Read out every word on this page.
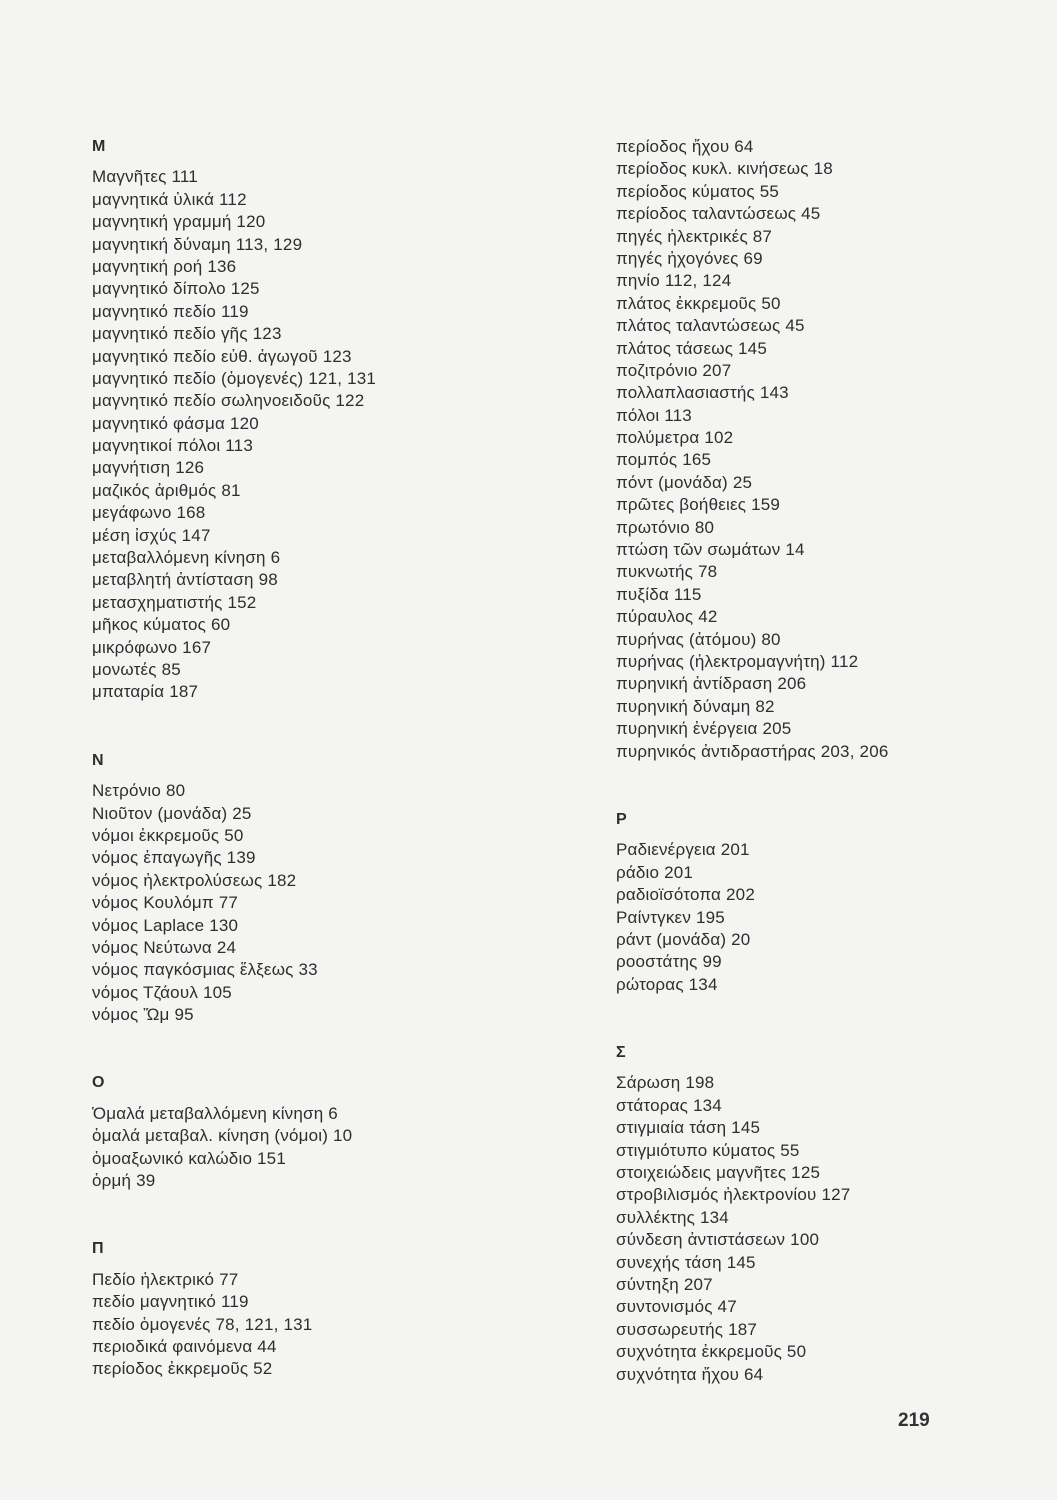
Μ
Μαγνῆτες 111
μαγνητικά ὑλικά 112
μαγνητική γραμμή 120
μαγνητική δύναμη 113, 129
μαγνητική ροή 136
μαγνητικό δίπολο 125
μαγνητικό πεδίο 119
μαγνητικό πεδίο γῆς 123
μαγνητικό πεδίο εὐθ. ἀγωγοῦ 123
μαγνητικό πεδίο (ὁμογενές) 121, 131
μαγνητικό πεδίο σωληνοειδοῦς 122
μαγνητικό φάσμα 120
μαγνητικοί πόλοι 113
μαγνήτιση 126
μαζικός ἀριθμός 81
μεγάφωνο 168
μέση ἰσχύς 147
μεταβαλλόμενη κίνηση 6
μεταβλητή ἀντίσταση 98
μετασχηματιστής 152
μῆκος κύματος 60
μικρόφωνο 167
μονωτές 85
μπαταρία 187
Ν
Νετρόνιο 80
Νιοῦτον (μονάδα) 25
νόμοι ἐκκρεμοῦς 50
νόμος ἐπαγωγῆς 139
νόμος ἠλεκτρολύσεως 182
νόμος Κουλόμπ 77
νόμος Laplace 130
νόμος Νεύτωνα 24
νόμος παγκόσμιας ἕλξεως 33
νόμος Τζάουλ 105
νόμος Ὤμ 95
Ο
Ὁμαλά μεταβαλλόμενη κίνηση 6
ὁμαλά μεταβαλ. κίνηση (νόμοι) 10
ὁμοαξωνικό καλώδιο 151
ὁρμή 39
Π
Πεδίο ἠλεκτρικό 77
πεδίο μαγνητικό 119
πεδίο ὁμογενές 78, 121, 131
περιοδικά φαινόμενα 44
περίοδος ἐκκρεμοῦς 52
περίοδος ἤχου 64
περίοδος κυκλ. κινήσεως 18
περίοδος κύματος 55
περίοδος ταλαντώσεως 45
πηγές ἠλεκτρικές 87
πηγές ἠχογόνες 69
πηνίο 112, 124
πλάτος ἐκκρεμοῦς 50
πλάτος ταλαντώσεως 45
πλάτος τάσεως 145
ποζιτρόνιο 207
πολλαπλασιαστής 143
πόλοι 113
πολύμετρα 102
πομπός 165
πόντ (μονάδα) 25
πρῶτες βοήθειες 159
πρωτόνιο 80
πτώση τῶν σωμάτων 14
πυκνωτής 78
πυξίδα 115
πύραυλος 42
πυρήνας (ἀτόμου) 80
πυρήνας (ἠλεκτρομαγνήτη) 112
πυρηνική ἀντίδραση 206
πυρηνική δύναμη 82
πυρηνική ἐνέργεια 205
πυρηνικός ἀντιδραστήρας 203, 206
Ρ
Ραδιενέργεια 201
ράδιο 201
ραδιοϊσότοπα 202
Ραίντγκεν 195
ράντ (μονάδα) 20
ροοστάτης 99
ρώτορας 134
Σ
Σάρωση 198
στάτορας 134
στιγμιαία τάση 145
στιγμιότυπο κύματος 55
στοιχειώδεις μαγνῆτες 125
στροβιλισμός ἠλεκτρονίου 127
συλλέκτης 134
σύνδεση ἀντιστάσεων 100
συνεχής τάση 145
σύντηξη 207
συντονισμός 47
συσσωρευτής 187
συχνότητα ἐκκρεμοῦς 50
συχνότητα ἤχου 64
219
